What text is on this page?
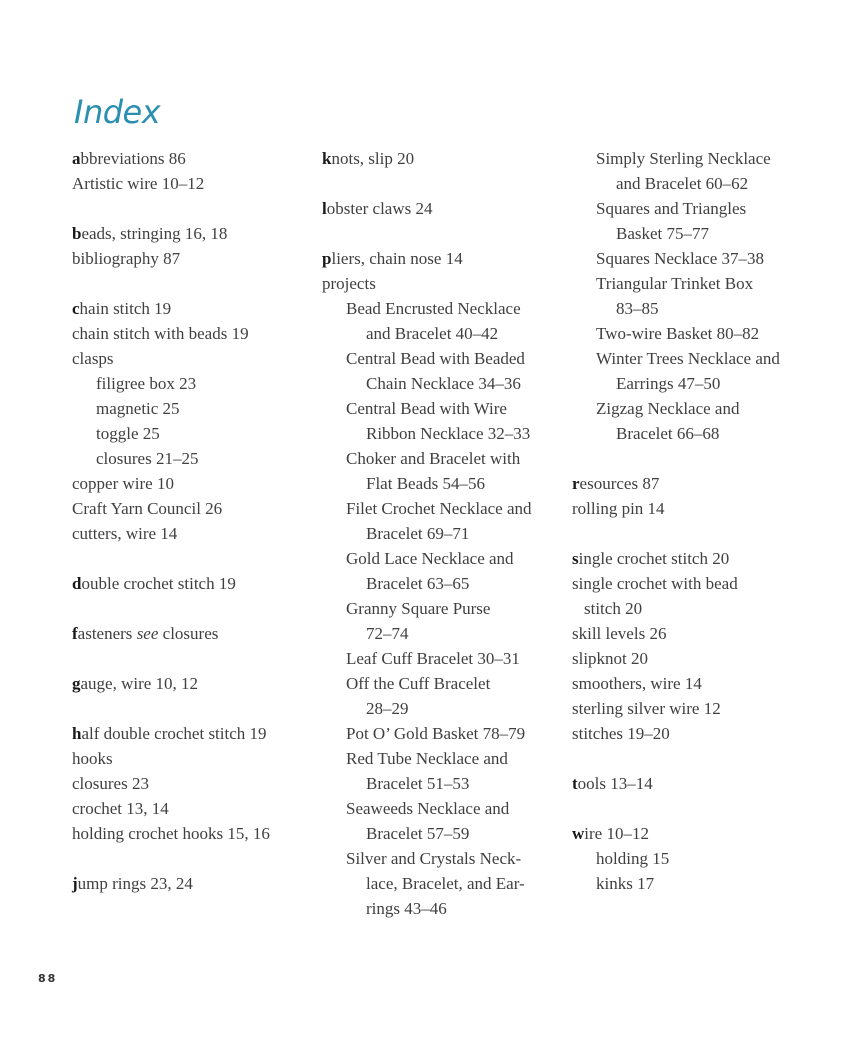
Index
abbreviations 86
Artistic wire 10–12
beads, stringing 16, 18
bibliography 87
chain stitch 19
chain stitch with beads 19
clasps
filigree box 23
magnetic 25
toggle 25
closures 21–25
copper wire 10
Craft Yarn Council 26
cutters, wire 14
double crochet stitch 19
fasteners see closures
gauge, wire 10, 12
half double crochet stitch 19
hooks
closures 23
crochet 13, 14
holding crochet hooks 15, 16
jump rings 23, 24
knots, slip 20
lobster claws 24
pliers, chain nose 14
projects
Bead Encrusted Necklace
and Bracelet 40–42
Central Bead with Beaded
Chain Necklace 34–36
Central Bead with Wire
Ribbon Necklace 32–33
Choker and Bracelet with
Flat Beads 54–56
Filet Crochet Necklace and
Bracelet 69–71
Gold Lace Necklace and
Bracelet 63–65
Granny Square Purse
72–74
Leaf Cuff Bracelet 30–31
Off the Cuff Bracelet
28–29
Pot O’ Gold Basket 78–79
Red Tube Necklace and
Bracelet 51–53
Seaweeds Necklace and
Bracelet 57–59
Silver and Crystals Neck-
lace, Bracelet, and Ear-
rings 43–46
Simply Sterling Necklace
and Bracelet 60–62
Squares and Triangles
Basket 75–77
Squares Necklace 37–38
Triangular Trinket Box
83–85
Two-wire Basket 80–82
Winter Trees Necklace and
Earrings 47–50
Zigzag Necklace and
Bracelet 66–68
resources 87
rolling pin 14
single crochet stitch 20
single crochet with bead
stitch 20
skill levels 26
slipknot 20
smoothers, wire 14
sterling silver wire 12
stitches 19–20
tools 13–14
wire 10–12
holding 15
kinks 17
88
